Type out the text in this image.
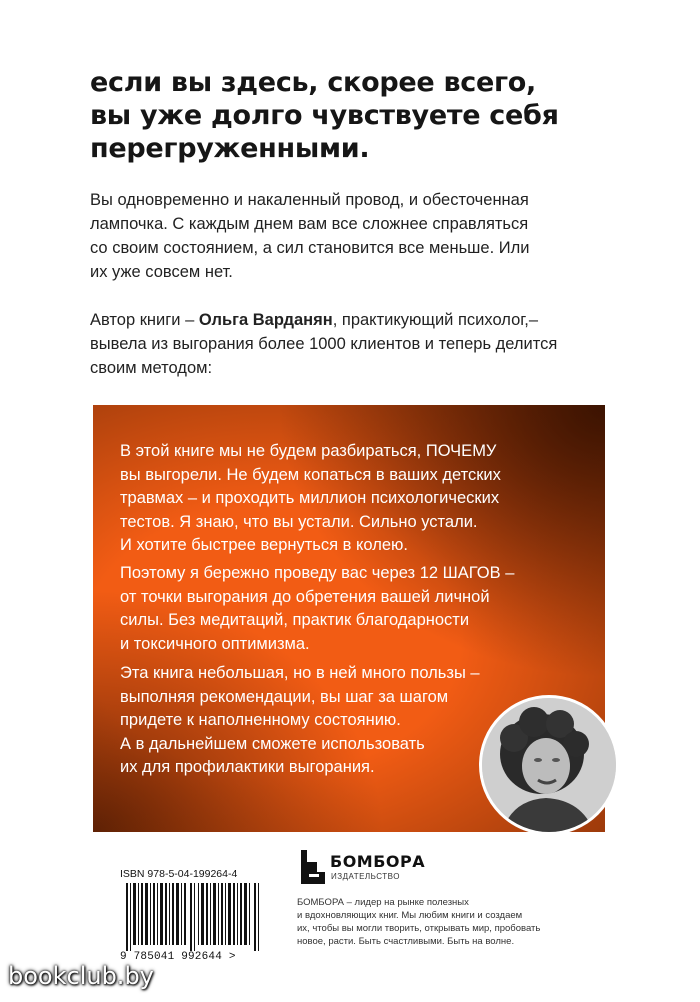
если вы здесь, скорее всего,
вы уже долго чувствуете себя
перегруженными.

Вы одновременно и накаленный провод, и обесточенная
лампочка. С каждым днем вам все сложнее справляться
со своим состоянием, а сил становится все меньше. Или
их уже совсем нет.

Автор книги – Ольга Варданян, практикующий психолог,–
вывела из выгорания более 1000 клиентов и теперь делится
своим методом:

В этой книге мы не будем разбираться, ПОЧЕМУ
вы выгорели. Не будем копаться в ваших детских
травмах – и проходить миллион психологических
тестов. Я знаю, что вы устали. Сильно устали.
И хотите быстрее вернуться в колею.

Поэтому я бережно проведу вас через 12 ШАГОВ –
от точки выгорания до обретения вашей личной
силы. Без медитаций, практик благодарности
и токсичного оптимизма.

Эта книга небольшая, но в ней много пользы –
выполняя рекомендации, вы шаг за шагом
придете к наполненному состоянию.
А в дальнейшем сможете использовать
их для профилактики выгорания.

ISBN 978-5-04-199264-4
9 785041 992644 >
БОМБОРА
ИЗДАТЕЛЬСТВО

БОМБОРА – лидер на рынке полезных
и вдохновляющих книг. Мы любим книги и создаем
их, чтобы вы могли творить, открывать мир, пробовать
новое, расти. Быть счастливыми. Быть на волне.

bookclub.by
